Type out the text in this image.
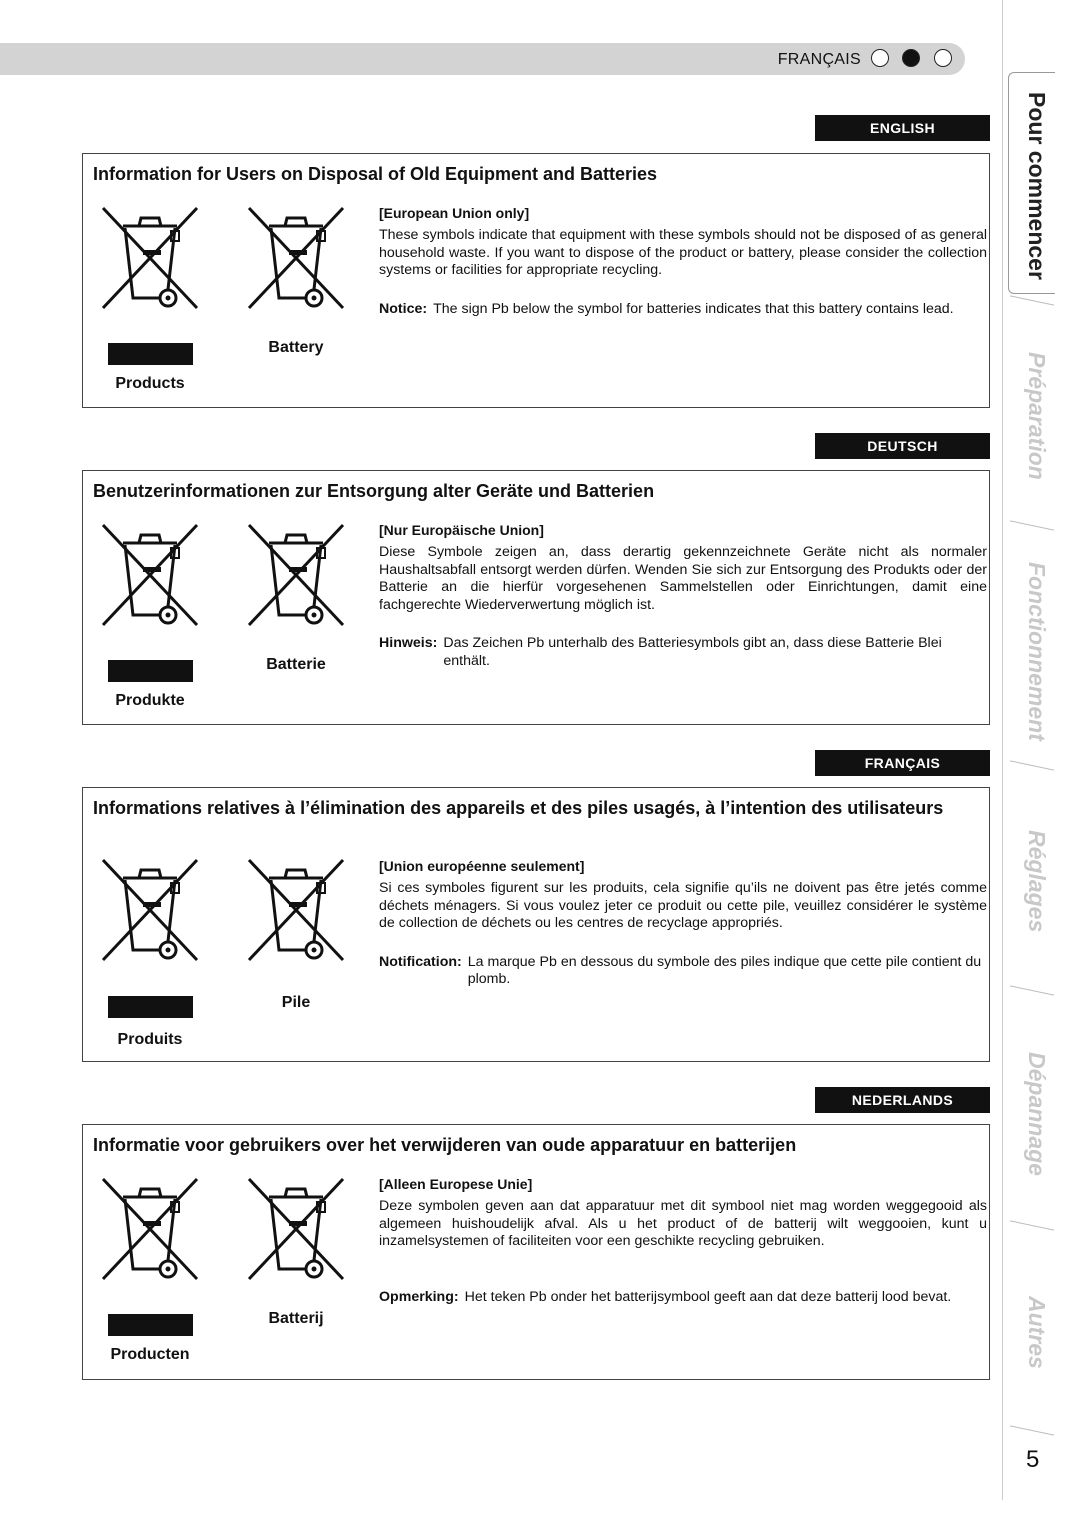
FRANÇAIS
ENGLISH
Information for Users on Disposal of Old Equipment and Batteries
Products
Battery
[European Union only]
These symbols indicate that equipment with these symbols should not be disposed of as general household waste. If you want to dispose of the product or battery, please consider the collection systems or facilities for appropriate recycling.
Notice: The sign Pb below the symbol for batteries indicates that this battery contains lead.
DEUTSCH
Benutzerinformationen zur Entsorgung alter Geräte und Batterien
Produkte
Batterie
[Nur Europäische Union]
Diese Symbole zeigen an, dass derartig gekennzeichnete Geräte nicht als normaler Haushaltsabfall entsorgt werden dürfen. Wenden Sie sich zur Entsorgung des Produkts oder der Batterie an die hierfür vorgesehenen Sammelstellen oder Einrichtungen, damit eine fachgerechte Wiederverwertung möglich ist.
Hinweis: Das Zeichen Pb unterhalb des Batteriesymbols gibt an, dass diese Batterie Blei enthält.
FRANÇAIS
Informations relatives à l’élimination des appareils et des piles usagés, à l’intention des utilisateurs
Produits
Pile
[Union européenne seulement]
Si ces symboles figurent sur les produits, cela signifie qu’ils ne doivent pas être jetés comme déchets ménagers. Si vous voulez jeter ce produit ou cette pile, veuillez considérer le système de collection de déchets ou les centres de recyclage appropriés.
Notification: La marque Pb en dessous du symbole des piles indique que cette pile contient du plomb.
NEDERLANDS
Informatie voor gebruikers over het verwijderen van oude apparatuur en batterijen
Producten
Batterij
[Alleen Europese Unie]
Deze symbolen geven aan dat apparatuur met dit symbool niet mag worden weggegooid als algemeen huishoudelijk afval. Als u het product of de batterij wilt weggooien, kunt u inzamelsystemen of faciliteiten voor een geschikte recycling gebruiken.
Opmerking: Het teken Pb onder het batterijsymbool geeft aan dat deze batterij lood bevat.
Pour commencer
Préparation
Fonctionnement
Réglages
Dépannage
Autres
5
